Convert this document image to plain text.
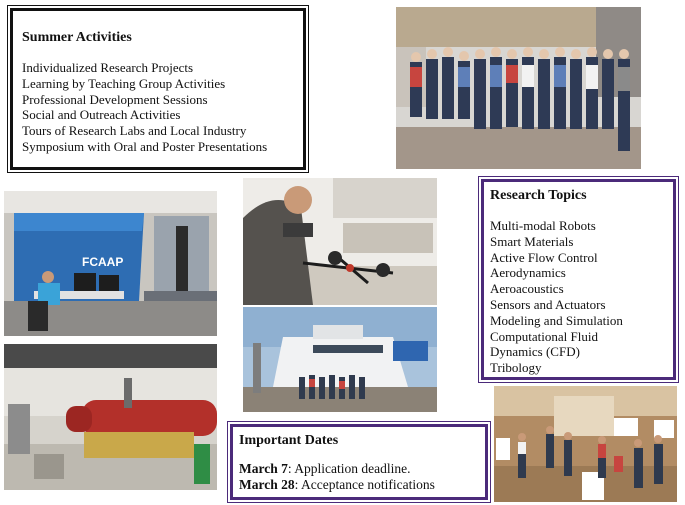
Summer Activities
Individualized Research Projects
Learning by Teaching Group Activities
Professional Development Sessions
Social and Outreach Activities
Tours of Research Labs and Local Industry
Symposium with Oral and Poster Presentations
FCAAP
Research Topics
Multi-modal Robots
Smart Materials
Active Flow Control
Aerodynamics
Aeroacoustics
Sensors and Actuators
Modeling and Simulation
Computational Fluid
Dynamics (CFD)
Tribology
Important Dates
March 7: Application deadline.
March 28: Acceptance notifications
